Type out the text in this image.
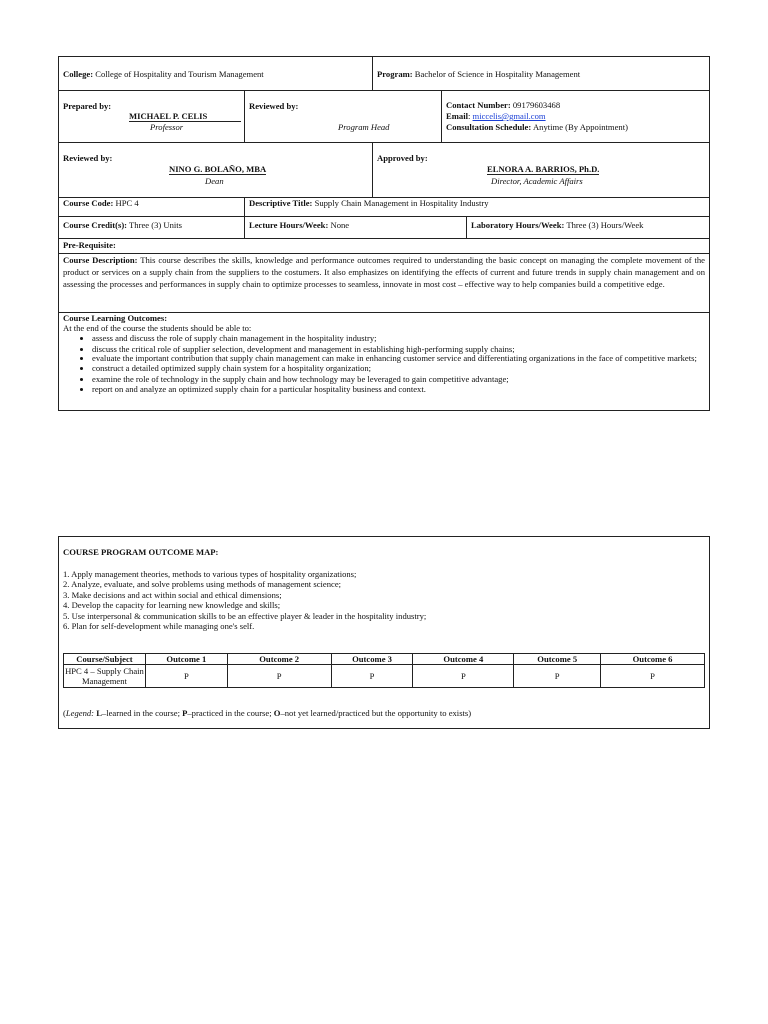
College: College of Hospitality and Tourism Management	Program: Bachelor of Science in Hospitality Management
Prepared by:
MICHAEL P. CELIS
Professor
Reviewed by:
Program Head
Contact Number: 09179603468
Email: miccelis@gmail.com
Consultation Schedule: Anytime (By Appointment)
Reviewed by:
NINO G. BOLAÑO, MBA
Dean
Approved by:
ELNORA A. BARRIOS, Ph.D.
Director, Academic Affairs
Course Code: HPC 4	Descriptive Title: Supply Chain Management in Hospitality Industry
Course Credit(s): Three (3) Units	Lecture Hours/Week: None	Laboratory Hours/Week: Three (3) Hours/Week
Pre-Requisite:
Course Description: This course describes the skills, knowledge and performance outcomes required to understanding the basic concept on managing the complete movement of the product or services on a supply chain from the suppliers to the costumers. It also emphasizes on identifying the effects of current and future trends in supply chain management and on assessing the processes and performances in supply chain to optimize processes to seamless, innovate in most cost – effective way to help companies build a competitive edge.
Course Learning Outcomes:
At the end of the course the students should be able to:
• assess and discuss the role of supply chain management in the hospitality industry;
• discuss the critical role of supplier selection, development and management in establishing high-performing supply chains;
• evaluate the important contribution that supply chain management can make in enhancing customer service and differentiating organizations in the face of competitive markets;
• construct a detailed optimized supply chain system for a hospitality organization;
• examine the role of technology in the supply chain and how technology may be leveraged to gain competitive advantage;
• report on and analyze an optimized supply chain for a particular hospitality business and context.
COURSE PROGRAM OUTCOME MAP:
1. Apply management theories, methods to various types of hospitality organizations;
2. Analyze, evaluate, and solve problems using methods of management science;
3. Make decisions and act within social and ethical dimensions;
4. Develop the capacity for learning new knowledge and skills;
5. Use interpersonal & communication skills to be an effective player & leader in the hospitality industry;
6. Plan for self-development while managing one's self.
(Legend: L–learned in the course; P–practiced in the course; O–not yet learned/practiced but the opportunity to exists)
Course/Subject	Outcome 1	Outcome 2	Outcome 3	Outcome 4	Outcome 5	Outcome 6
HPC 4 – Supply Chain Management	P	P	P	P	P	P
